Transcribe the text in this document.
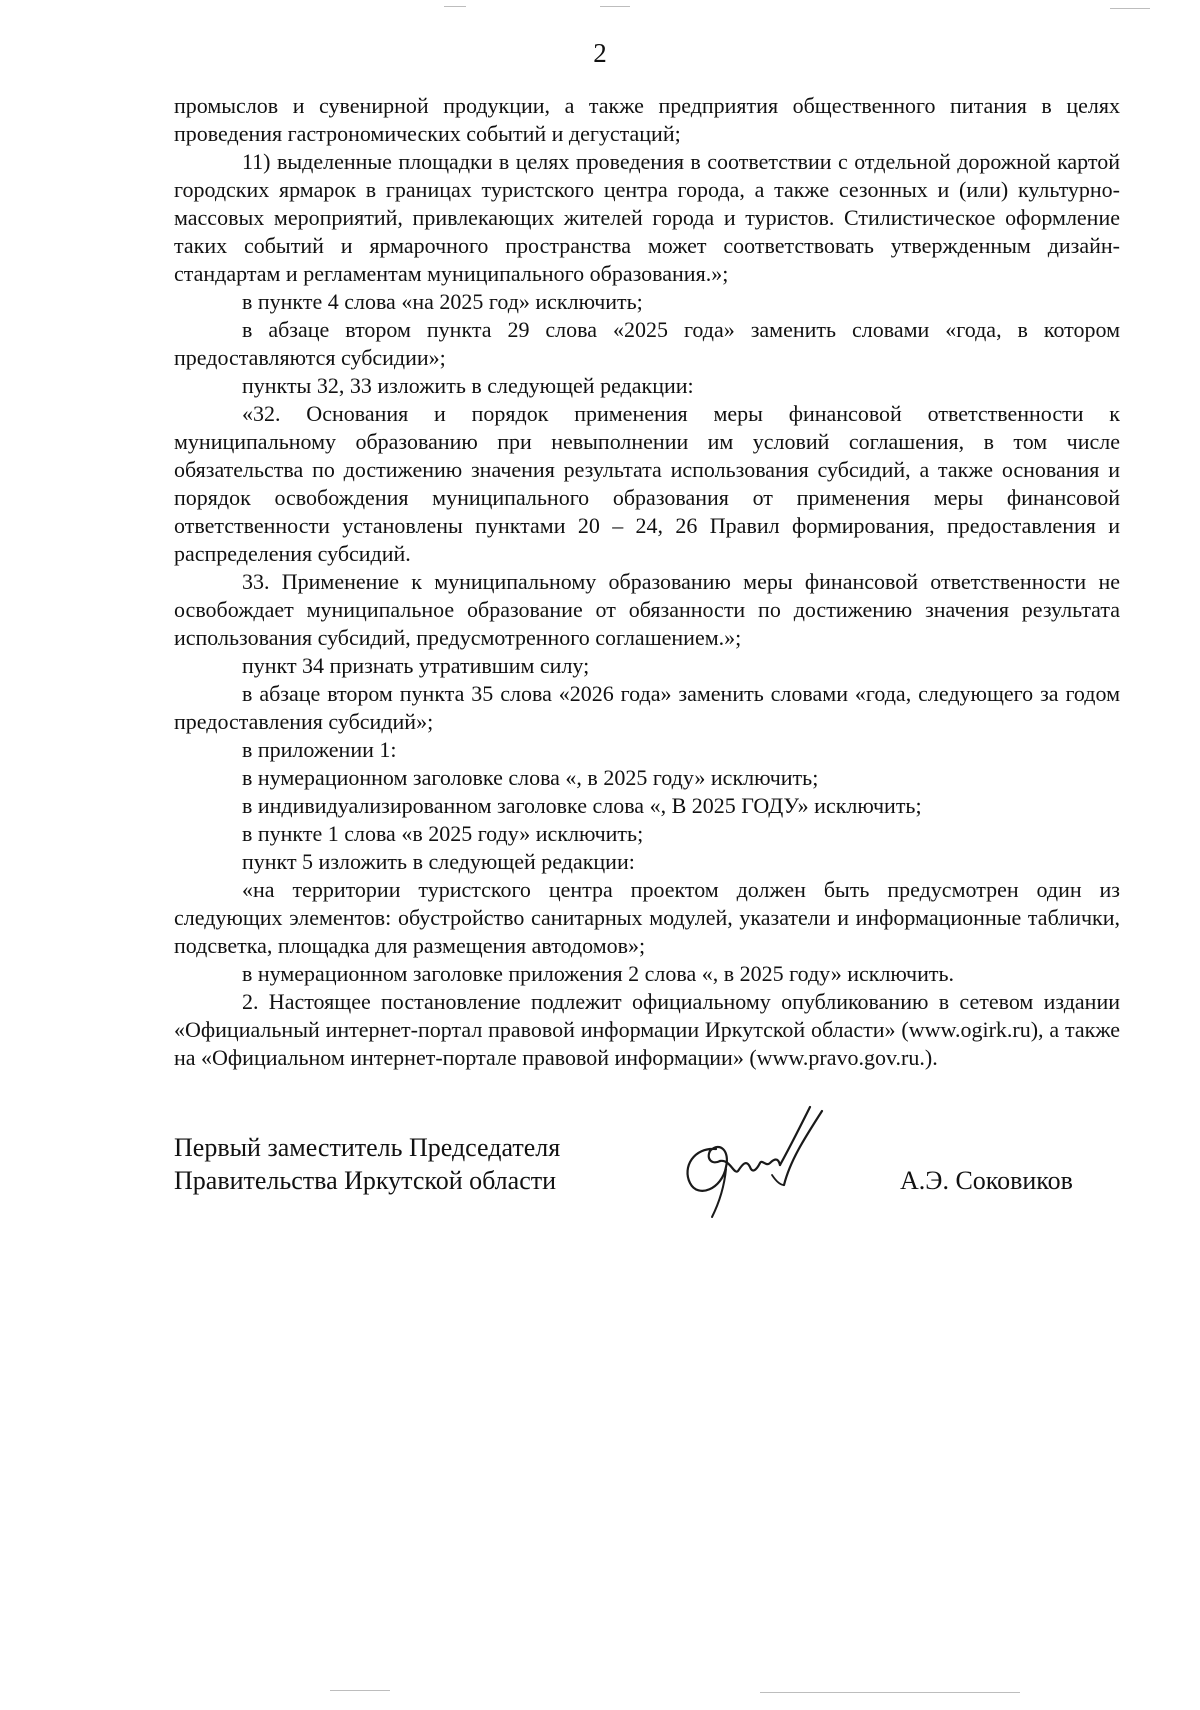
2

промыслов и сувенирной продукции, а также предприятия общественного питания в целях проведения гастрономических событий и дегустаций;

11) выделенные площадки в целях проведения в соответствии с отдельной дорожной картой городских ярмарок в границах туристского центра города, а также сезонных и (или) культурно-массовых мероприятий, привлекающих жителей города и туристов. Стилистическое оформление таких событий и ярмарочного пространства может соответствовать утвержденным дизайн-стандартам и регламентам муниципального образования.»;

в пункте 4 слова «на 2025 год» исключить;

в абзаце втором пункта 29 слова «2025 года» заменить словами «года, в котором предоставляются субсидии»;

пункты 32, 33 изложить в следующей редакции:

«32. Основания и порядок применения меры финансовой ответственности к муниципальному образованию при невыполнении им условий соглашения, в том числе обязательства по достижению значения результата использования субсидий, а также основания и порядок освобождения муниципального образования от применения меры финансовой ответственности установлены пунктами 20 – 24, 26 Правил формирования, предоставления и распределения субсидий.

33. Применение к муниципальному образованию меры финансовой ответственности не освобождает муниципальное образование от обязанности по достижению значения результата использования субсидий, предусмотренного соглашением.»;

пункт 34 признать утратившим силу;

в абзаце втором пункта 35 слова «2026 года» заменить словами «года, следующего за годом предоставления субсидий»;

в приложении 1:

в нумерационном заголовке слова «, в 2025 году» исключить;

в индивидуализированном заголовке слова «, В 2025 ГОДУ» исключить;

в пункте 1 слова «в 2025 году» исключить;

пункт 5 изложить в следующей редакции:

«на территории туристского центра проектом должен быть предусмотрен один из следующих элементов: обустройство санитарных модулей, указатели и информационные таблички, подсветка, площадка для размещения автодомов»;

в нумерационном заголовке приложения 2 слова «, в 2025 году» исключить.

2. Настоящее постановление подлежит официальному опубликованию в сетевом издании «Официальный интернет-портал правовой информации Иркутской области» (www.ogirk.ru), а также на «Официальном интернет-портале правовой информации» (www.pravo.gov.ru.).

Первый заместитель Председателя
Правительства Иркутской области	А.Э. Соковиков
